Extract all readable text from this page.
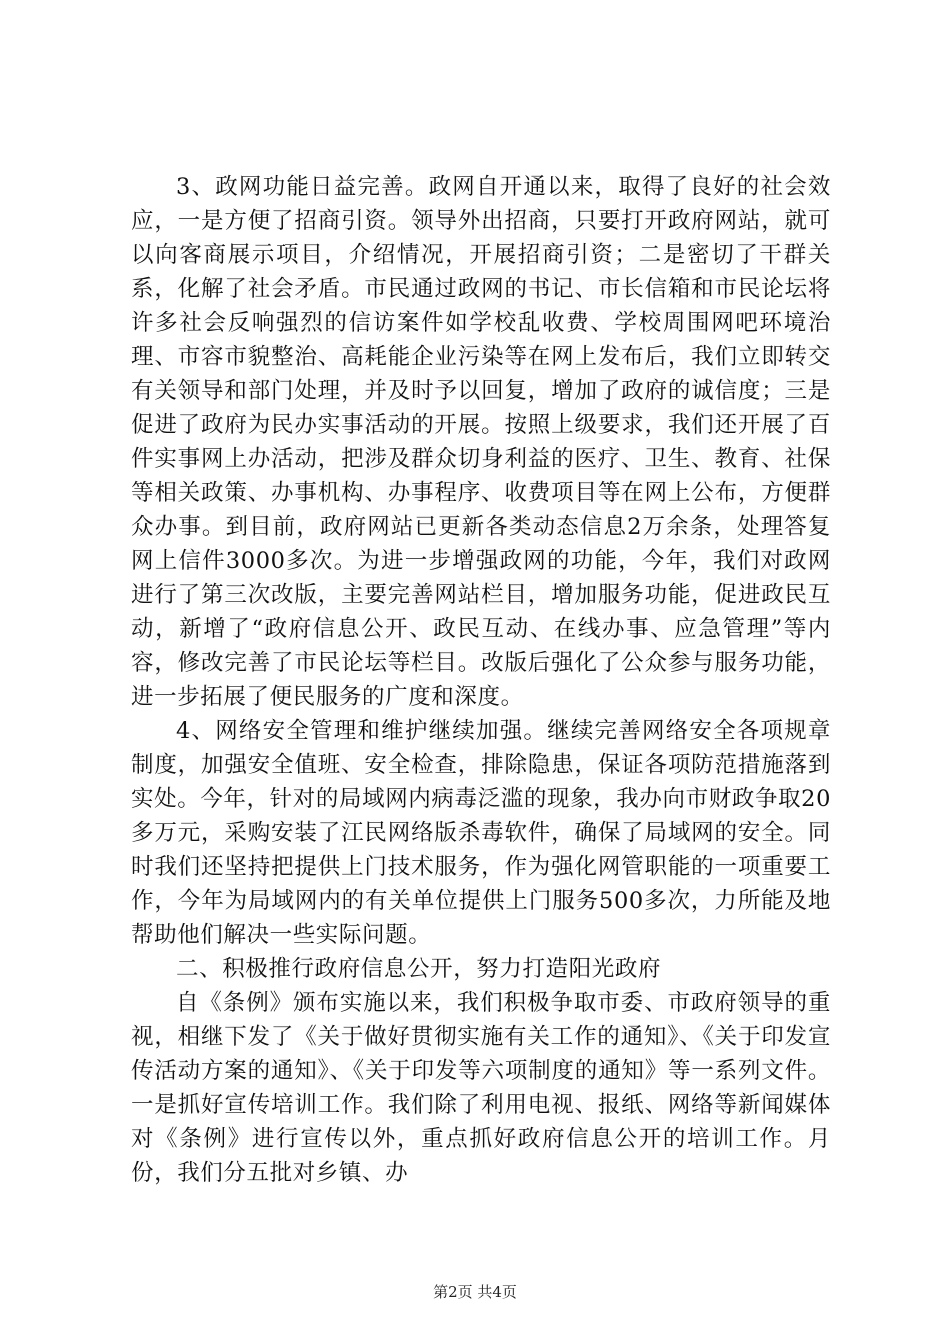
3、政网功能日益完善。政网自开通以来，取得了良好的社会效应，一是方便了招商引资。领导外出招商，只要打开政府网站，就可以向客商展示项目，介绍情况，开展招商引资；二是密切了干群关系，化解了社会矛盾。市民通过政网的书记、市长信箱和市民论坛将许多社会反响强烈的信访案件如学校乱收费、学校周围网吧环境治理、市容市貌整治、高耗能企业污染等在网上发布后，我们立即转交有关领导和部门处理，并及时予以回复，增加了政府的诚信度；三是促进了政府为民办实事活动的开展。按照上级要求，我们还开展了百件实事网上办活动，把涉及群众切身利益的医疗、卫生、教育、社保等相关政策、办事机构、办事程序、收费项目等在网上公布，方便群众办事。到目前，政府网站已更新各类动态信息2万余条，处理答复网上信件3000多次。为进一步增强政网的功能，今年，我们对政网进行了第三次改版，主要完善网站栏目，增加服务功能，促进政民互动，新增了“政府信息公开、政民互动、在线办事、应急管理”等内容，修改完善了市民论坛等栏目。改版后强化了公众参与服务功能，进一步拓展了便民服务的广度和深度。

4、网络安全管理和维护继续加强。继续完善网络安全各项规章制度，加强安全值班、安全检查，排除隐患，保证各项防范措施落到实处。今年，针对的局域网内病毒泛滥的现象，我办向市财政争取20多万元，采购安装了江民网络版杀毒软件，确保了局域网的安全。同时我们还坚持把提供上门技术服务，作为强化网管职能的一项重要工作，今年为局域网内的有关单位提供上门服务500多次，力所能及地帮助他们解决一些实际问题。

二、积极推行政府信息公开，努力打造阳光政府

自《条例》颁布实施以来，我们积极争取市委、市政府领导的重视，相继下发了《关于做好贯彻实施有关工作的通知》、《关于印发宣传活动方案的通知》、《关于印发等六项制度的通知》等一系列文件。一是抓好宣传培训工作。我们除了利用电视、报纸、网络等新闻媒体对《条例》进行宣传以外，重点抓好政府信息公开的培训工作。月份，我们分五批对乡镇、办

第2页 共4页
